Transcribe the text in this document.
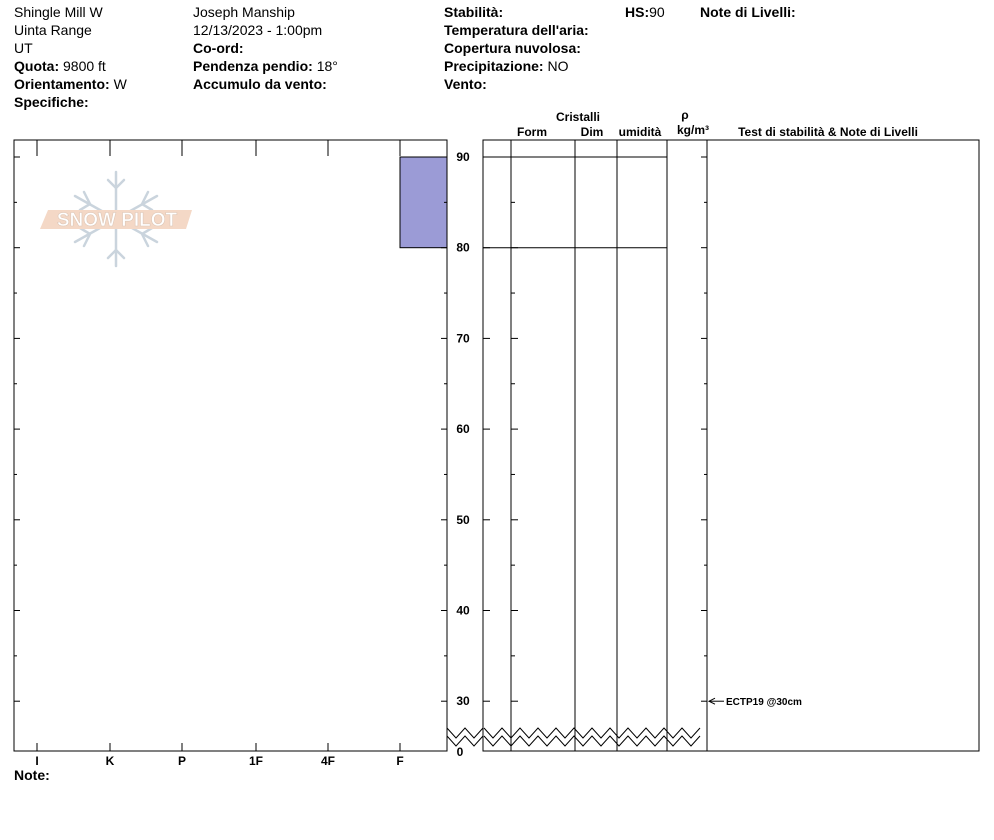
Shingle Mill W
Uinta Range
UT
Quota: 9800 ft
Orientamento: W
Specifiche:
Joseph Manship
12/13/2023 - 1:00pm
Co-ord:
Pendenza pendio: 18°
Accumulo da vento:
Stabilità:
Temperatura dell'aria:
Copertura nuvolosa:
Precipitazione: NO
Vento:
HS:90	Note di Livelli:
Cristalli
Form	Dim	umidità
ρ
kg/m³	Test di stabilità & Note di Livelli
Note:
SNOW PILOT
I	K	P	1F	4F	F
0
30
40
50
60
70
80
90
ECTP19 @30cm
